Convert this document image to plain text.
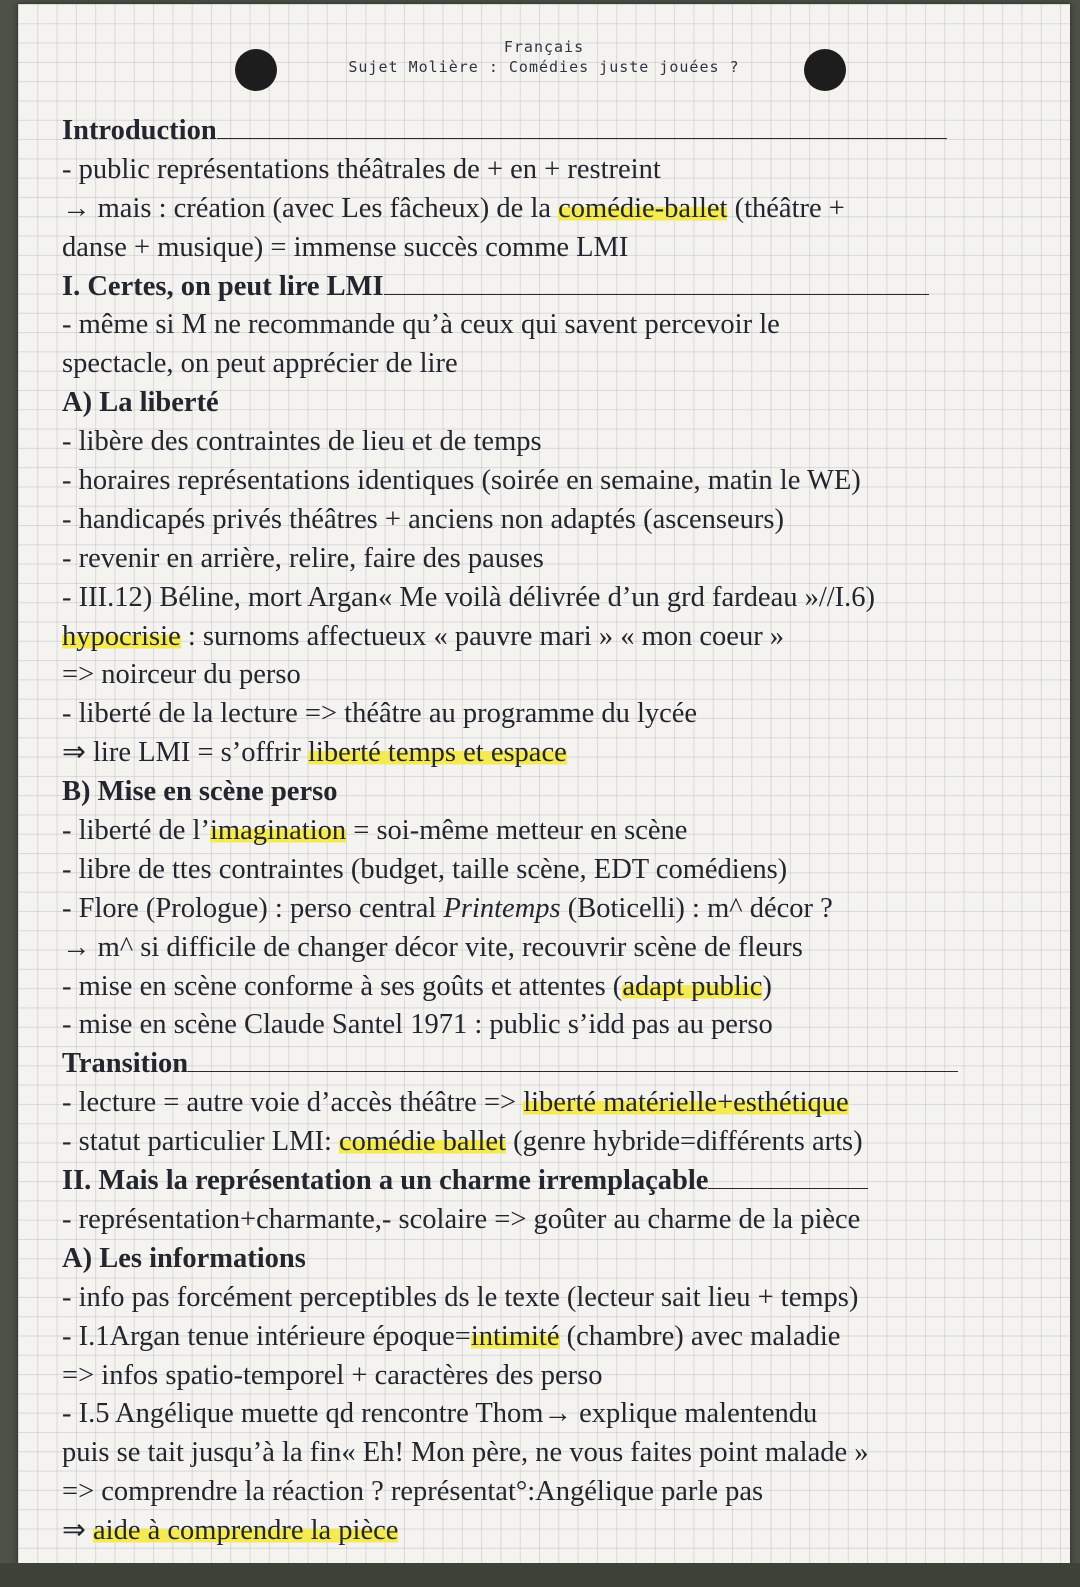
Français
Sujet Molière : Comédies juste jouées ?
Introduction
- public représentations théâtrales de + en + restreint
→ mais : création (avec Les fâcheux) de la comédie-ballet (théâtre +
danse + musique) = immense succès comme LMI
I. Certes, on peut lire LMI
- même si M ne recommande qu’à ceux qui savent percevoir le
spectacle, on peut apprécier de lire
A) La liberté
- libère des contraintes de lieu et de temps
- horaires représentations identiques (soirée en semaine, matin le WE)
- handicapés privés théâtres + anciens non adaptés (ascenseurs)
- revenir en arrière, relire, faire des pauses
- III.12) Béline, mort Argan« Me voilà délivrée d’un grd fardeau »//I.6)
hypocrisie : surnoms affectueux « pauvre mari » « mon coeur »
=> noirceur du perso
- liberté de la lecture => théâtre au programme du lycée
⇒ lire LMI = s’offrir liberté temps et espace
B) Mise en scène perso
- liberté de l’imagination = soi-même metteur en scène
- libre de ttes contraintes (budget, taille scène, EDT comédiens)
- Flore (Prologue) : perso central Printemps (Boticelli) : m^ décor ?
→ m^ si difficile de changer décor vite, recouvrir scène de fleurs
- mise en scène conforme à ses goûts et attentes (adapt public)
- mise en scène Claude Santel 1971 : public s’idd pas au perso
Transition
- lecture = autre voie d’accès théâtre => liberté matérielle+esthétique
- statut particulier LMI: comédie ballet (genre hybride=différents arts)
II. Mais la représentation a un charme irremplaçable
- représentation+charmante,- scolaire => goûter au charme de la pièce
A) Les informations
- info pas forcément perceptibles ds le texte (lecteur sait lieu + temps)
- I.1Argan tenue intérieure époque=intimité (chambre) avec maladie
=> infos spatio-temporel + caractères des perso
- I.5 Angélique muette qd rencontre Thom→ explique malentendu
puis se tait jusqu’à la fin« Eh! Mon père, ne vous faites point malade »
=> comprendre la réaction ? représentat°:Angélique parle pas
⇒ aide à comprendre la pièce
